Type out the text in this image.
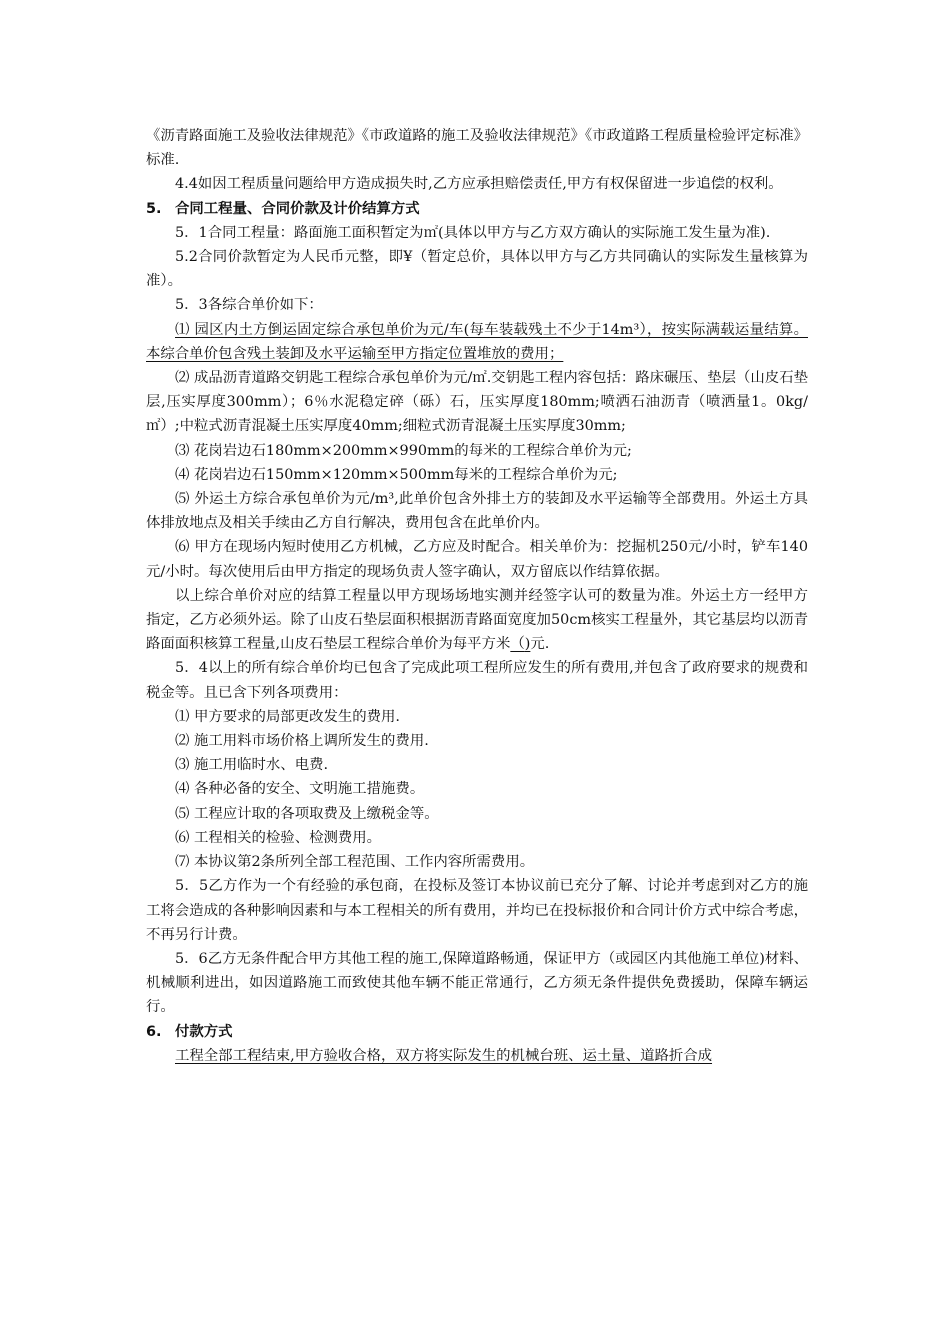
《沥青路面施工及验收法律规范》《市政道路的施工及验收法律规范》《市政道路工程质量检验评定标准》标准.

4.4如因工程质量问题给甲方造成损失时,乙方应承担赔偿责任,甲方有权保留进一步追偿的权利。

5. 合同工程量、合同价款及计价结算方式

5．1合同工程量：路面施工面积暂定为㎡(具体以甲方与乙方双方确认的实际施工发生量为准).

5.2合同价款暂定为人民币元整，即¥（暂定总价，具体以甲方与乙方共同确认的实际发生量核算为准）。

5．3各综合单价如下：

⑴ 园区内土方倒运固定综合承包单价为元/车(每车装载残土不少于14m³），按实际满载运量结算。本综合单价包含残土装卸及水平运输至甲方指定位置堆放的费用；

⑵ 成品沥青道路交钥匙工程综合承包单价为元/㎡.交钥匙工程内容包括：路床碾压、垫层（山皮石垫层,压实厚度300mm）；6％水泥稳定碎（砾）石，压实厚度180mm;喷洒石油沥青（喷洒量1。0kg/㎡）;中粒式沥青混凝土压实厚度40mm;细粒式沥青混凝土压实厚度30mm;

⑶ 花岗岩边石180mm×200mm×990mm的每米的工程综合单价为元;

⑷ 花岗岩边石150mm×120mm×500mm每米的工程综合单价为元;

⑸ 外运土方综合承包单价为元/m³,此单价包含外排土方的装卸及水平运输等全部费用。外运土方具体排放地点及相关手续由乙方自行解决，费用包含在此单价内。

⑹ 甲方在现场内短时使用乙方机械，乙方应及时配合。相关单价为：挖掘机250元/小时，铲车140元/小时。每次使用后由甲方指定的现场负责人签字确认，双方留底以作结算依据。

以上综合单价对应的结算工程量以甲方现场场地实测并经签字认可的数量为准。外运土方一经甲方指定，乙方必须外运。除了山皮石垫层面积根据沥青路面宽度加50cm核实工程量外，其它基层均以沥青路面面积核算工程量,山皮石垫层工程综合单价为每平方米（)元.

5．4以上的所有综合单价均已包含了完成此项工程所应发生的所有费用,并包含了政府要求的规费和税金等。且已含下列各项费用：

⑴ 甲方要求的局部更改发生的费用.

⑵ 施工用料市场价格上调所发生的费用.

⑶ 施工用临时水、电费.

⑷ 各种必备的安全、文明施工措施费。

⑸ 工程应计取的各项取费及上缴税金等。

⑹ 工程相关的检验、检测费用。

⑺ 本协议第2条所列全部工程范围、工作内容所需费用。

5．5乙方作为一个有经验的承包商，在投标及签订本协议前已充分了解、讨论并考虑到对乙方的施工将会造成的各种影响因素和与本工程相关的所有费用，并均已在投标报价和合同计价方式中综合考虑，不再另行计费。

5．6乙方无条件配合甲方其他工程的施工,保障道路畅通，保证甲方（或园区内其他施工单位)材料、机械顺利进出，如因道路施工而致使其他车辆不能正常通行，乙方须无条件提供免费援助，保障车辆运行。

6. 付款方式

工程全部工程结束,甲方验收合格，双方将实际发生的机械台班、运土量、道路折合成
